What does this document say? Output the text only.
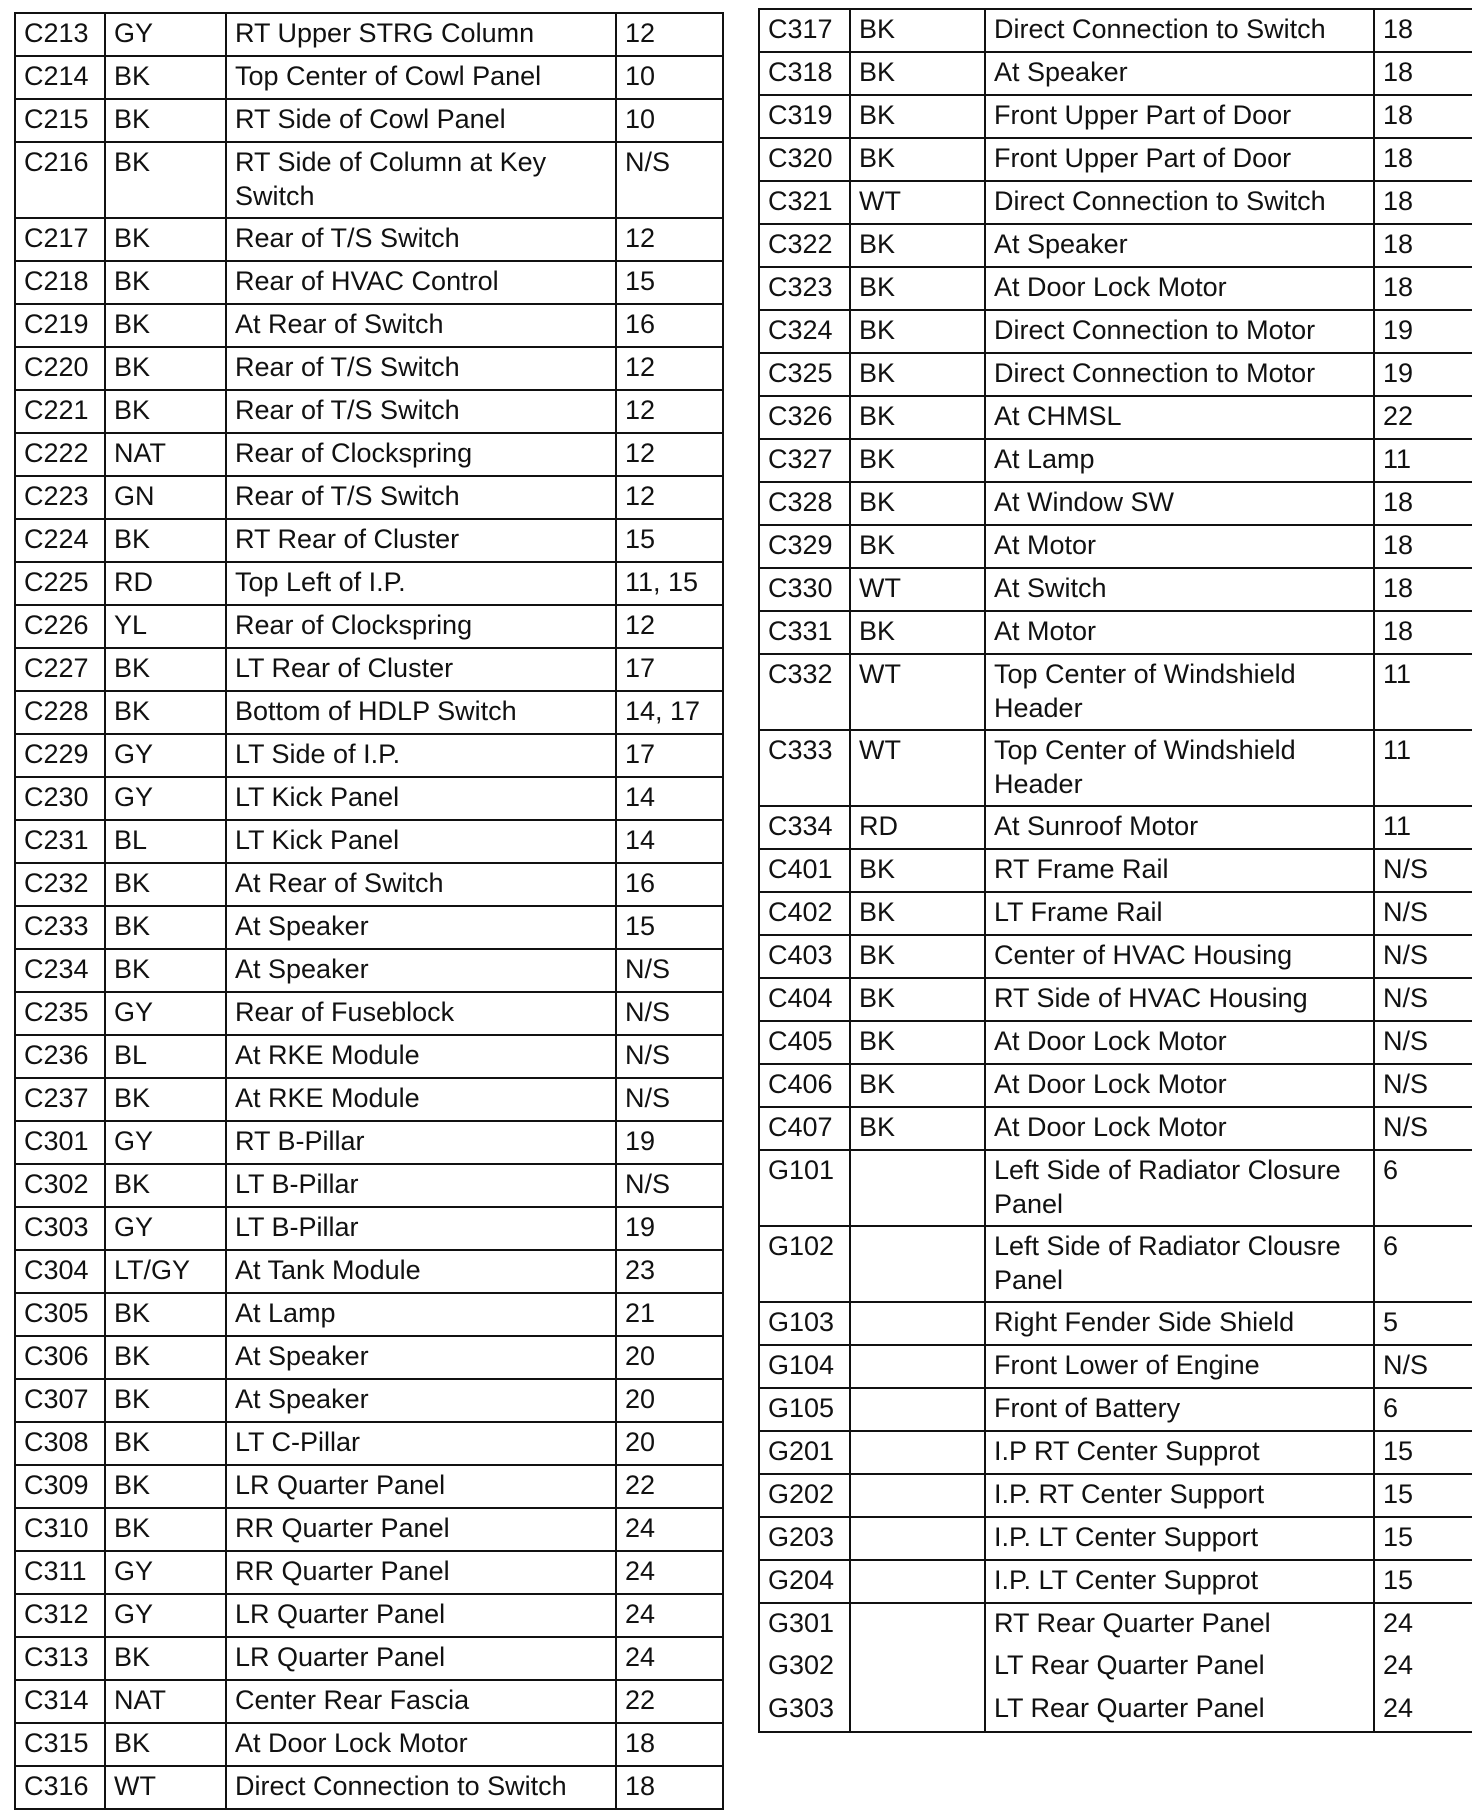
C213	GY	RT Upper STRG Column	12
C214	BK	Top Center of Cowl Panel	10
C215	BK	RT Side of Cowl Panel	10
C216	BK	RT Side of Column at Key Switch	N/S
C217	BK	Rear of T/S Switch	12
C218	BK	Rear of HVAC Control	15
C219	BK	At Rear of Switch	16
C220	BK	Rear of T/S Switch	12
C221	BK	Rear of T/S Switch	12
C222	NAT	Rear of Clockspring	12
C223	GN	Rear of T/S Switch	12
C224	BK	RT Rear of Cluster	15
C225	RD	Top Left of I.P.	11, 15
C226	YL	Rear of Clockspring	12
C227	BK	LT Rear of Cluster	17
C228	BK	Bottom of HDLP Switch	14, 17
C229	GY	LT Side of I.P.	17
C230	GY	LT Kick Panel	14
C231	BL	LT Kick Panel	14
C232	BK	At Rear of Switch	16
C233	BK	At Speaker	15
C234	BK	At Speaker	N/S
C235	GY	Rear of Fuseblock	N/S
C236	BL	At RKE Module	N/S
C237	BK	At RKE Module	N/S
C301	GY	RT B-Pillar	19
C302	BK	LT B-Pillar	N/S
C303	GY	LT B-Pillar	19
C304	LT/GY	At Tank Module	23
C305	BK	At Lamp	21
C306	BK	At Speaker	20
C307	BK	At Speaker	20
C308	BK	LT C-Pillar	20
C309	BK	LR Quarter Panel	22
C310	BK	RR Quarter Panel	24
C311	GY	RR Quarter Panel	24
C312	GY	LR Quarter Panel	24
C313	BK	LR Quarter Panel	24
C314	NAT	Center Rear Fascia	22
C315	BK	At Door Lock Motor	18
C316	WT	Direct Connection to Switch	18
C317	BK	Direct Connection to Switch	18
C318	BK	At Speaker	18
C319	BK	Front Upper Part of Door	18
C320	BK	Front Upper Part of Door	18
C321	WT	Direct Connection to Switch	18
C322	BK	At Speaker	18
C323	BK	At Door Lock Motor	18
C324	BK	Direct Connection to Motor	19
C325	BK	Direct Connection to Motor	19
C326	BK	At CHMSL	22
C327	BK	At Lamp	11
C328	BK	At Window SW	18
C329	BK	At Motor	18
C330	WT	At Switch	18
C331	BK	At Motor	18
C332	WT	Top Center of Windshield Header	11
C333	WT	Top Center of Windshield Header	11
C334	RD	At Sunroof Motor	11
C401	BK	RT Frame Rail	N/S
C402	BK	LT Frame Rail	N/S
C403	BK	Center of HVAC Housing	N/S
C404	BK	RT Side of HVAC Housing	N/S
C405	BK	At Door Lock Motor	N/S
C406	BK	At Door Lock Motor	N/S
C407	BK	At Door Lock Motor	N/S
G101		Left Side of Radiator Closure Panel	6
G102		Left Side of Radiator Clousre Panel	6
G103		Right Fender Side Shield	5
G104		Front Lower of Engine	N/S
G105		Front of Battery	6
G201		I.P RT Center Supprot	15
G202		I.P. RT Center Support	15
G203		I.P. LT Center Support	15
G204		I.P. LT Center Supprot	15
G301		RT Rear Quarter Panel	24
G302		LT Rear Quarter Panel	24
G303		LT Rear Quarter Panel	24
